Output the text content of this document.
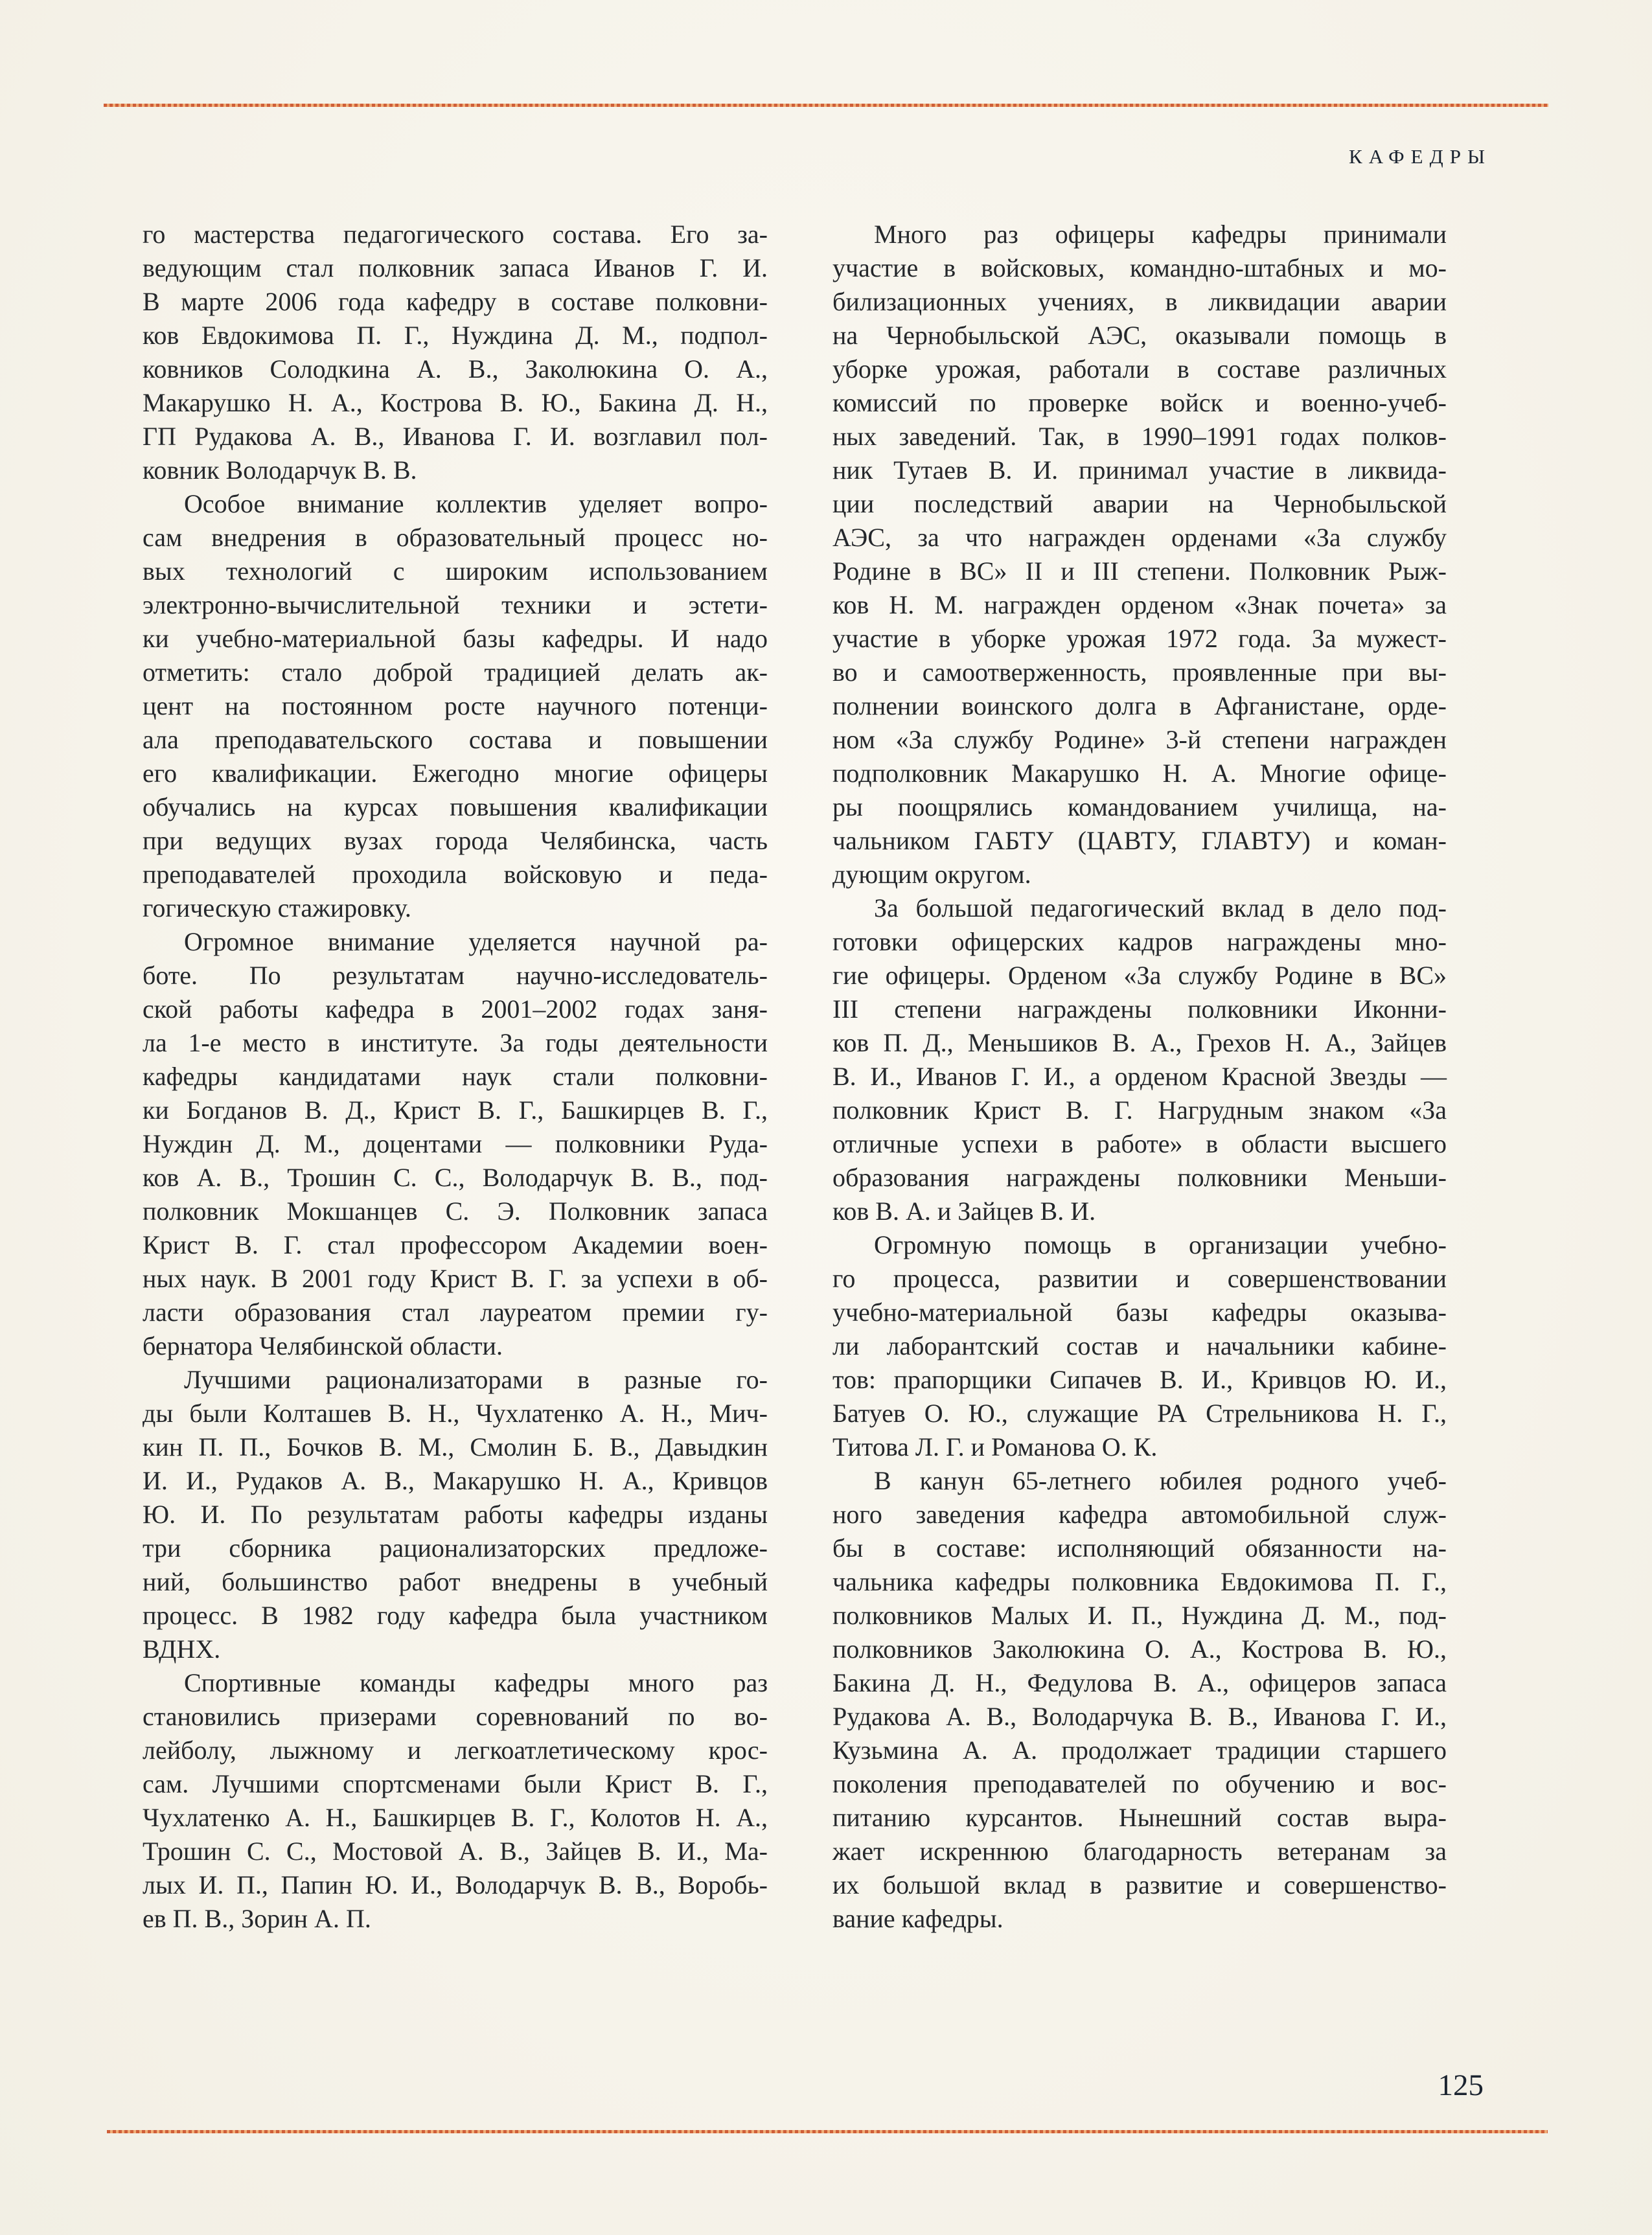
КАФЕДРЫ
го мастерства педагогического состава. Его за-
ведующим стал полковник запаса Иванов Г. И.
В марте 2006 года кафедру в составе полковни-
ков Евдокимова П. Г., Нуждина Д. М., подпол-
ковников Солодкина А. В., Заколюкина О. А.,
Макарушко Н. А., Кострова В. Ю., Бакина Д. Н.,
ГП Рудакова А. В., Иванова Г. И. возглавил пол-
ковник Володарчук В. В.
Особое внимание коллектив уделяет вопро-
сам внедрения в образовательный процесс но-
вых технологий с широким использованием
электронно-вычислительной техники и эстети-
ки учебно-материальной базы кафедры. И надо
отметить: стало доброй традицией делать ак-
цент на постоянном росте научного потенци-
ала преподавательского состава и повышении
его квалификации. Ежегодно многие офицеры
обучались на курсах повышения квалификации
при ведущих вузах города Челябинска, часть
преподавателей проходила войсковую и педа-
гогическую стажировку.
Огромное внимание уделяется научной ра-
боте. По результатам научно-исследователь-
ской работы кафедра в 2001–2002 годах заня-
ла 1-е место в институте. За годы деятельности
кафедры кандидатами наук стали полковни-
ки Богданов В. Д., Крист В. Г., Башкирцев В. Г.,
Нуждин Д. М., доцентами — полковники Руда-
ков А. В., Трошин С. С., Володарчук В. В., под-
полковник Мокшанцев С. Э. Полковник запаса
Крист В. Г. стал профессором Академии воен-
ных наук. В 2001 году Крист В. Г. за успехи в об-
ласти образования стал лауреатом премии гу-
бернатора Челябинской области.
Лучшими рационализаторами в разные го-
ды были Колташев В. Н., Чухлатенко А. Н., Мич-
кин П. П., Бочков В. М., Смолин Б. В., Давыдкин
И. И., Рудаков А. В., Макарушко Н. А., Кривцов
Ю. И. По результатам работы кафедры изданы
три сборника рационализаторских предложе-
ний, большинство работ внедрены в учебный
процесс. В 1982 году кафедра была участником
ВДНХ.
Спортивные команды кафедры много раз
становились призерами соревнований по во-
лейболу, лыжному и легкоатлетическому крос-
сам. Лучшими спортсменами были Крист В. Г.,
Чухлатенко А. Н., Башкирцев В. Г., Колотов Н. А.,
Трошин С. С., Мостовой А. В., Зайцев В. И., Ма-
лых И. П., Папин Ю. И., Володарчук В. В., Воробь-
ев П. В., Зорин А. П.
Много раз офицеры кафедры принимали
участие в войсковых, командно-штабных и мо-
билизационных учениях, в ликвидации аварии
на Чернобыльской АЭС, оказывали помощь в
уборке урожая, работали в составе различных
комиссий по проверке войск и военно-учеб-
ных заведений. Так, в 1990–1991 годах полков-
ник Тутаев В. И. принимал участие в ликвида-
ции последствий аварии на Чернобыльской
АЭС, за что награжден орденами «За службу
Родине в ВС» II и III степени. Полковник Рыж-
ков Н. М. награжден орденом «Знак почета» за
участие в уборке урожая 1972 года. За мужест-
во и самоотверженность, проявленные при вы-
полнении воинского долга в Афганистане, орде-
ном «За службу Родине» 3-й степени награжден
подполковник Макарушко Н. А. Многие офице-
ры поощрялись командованием училища, на-
чальником ГАБТУ (ЦАВТУ, ГЛАВТУ) и коман-
дующим округом.
За большой педагогический вклад в дело под-
готовки офицерских кадров награждены мно-
гие офицеры. Орденом «За службу Родине в ВС»
III степени награждены полковники Иконни-
ков П. Д., Меньшиков В. А., Грехов Н. А., Зайцев
В. И., Иванов Г. И., а орденом Красной Звезды —
полковник Крист В. Г. Нагрудным знаком «За
отличные успехи в работе» в области высшего
образования награждены полковники Меньши-
ков В. А. и Зайцев В. И.
Огромную помощь в организации учебно-
го процесса, развитии и совершенствовании
учебно-материальной базы кафедры оказыва-
ли лаборантский состав и начальники кабине-
тов: прапорщики Сипачев В. И., Кривцов Ю. И.,
Батуев О. Ю., служащие РА Стрельникова Н. Г.,
Титова Л. Г. и Романова О. К.
В канун 65-летнего юбилея родного учеб-
ного заведения кафедра автомобильной служ-
бы в составе: исполняющий обязанности на-
чальника кафедры полковника Евдокимова П. Г.,
полковников Малых И. П., Нуждина Д. М., под-
полковников Заколюкина О. А., Кострова В. Ю.,
Бакина Д. Н., Федулова В. А., офицеров запаса
Рудакова А. В., Володарчука В. В., Иванова Г. И.,
Кузьмина А. А. продолжает традиции старшего
поколения преподавателей по обучению и вос-
питанию курсантов. Нынешний состав выра-
жает искреннюю благодарность ветеранам за
их большой вклад в развитие и совершенство-
вание кафедры.
125
